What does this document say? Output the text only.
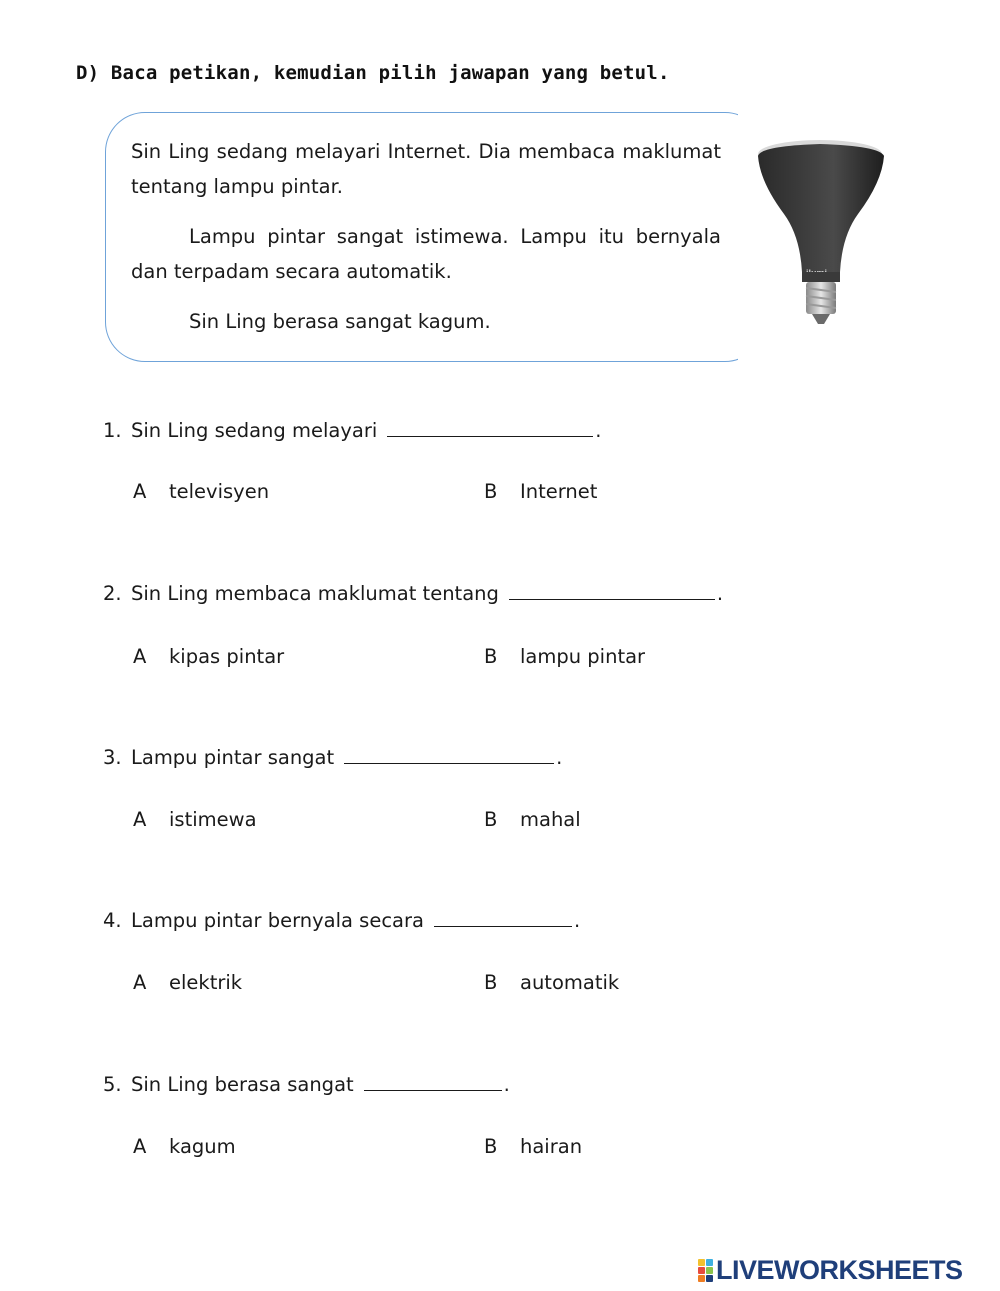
D) Baca petikan, kemudian pilih jawapan yang betul.

Sin Ling sedang melayari Internet. Dia membaca maklumat tentang lampu pintar.

Lampu pintar sangat istimewa. Lampu itu bernyala dan terpadam secara automatik.

Sin Ling berasa sangat kagum.

1. Sin Ling sedang melayari	.
A televisyen	B Internet
2. Sin Ling membaca maklumat tentang	.
A kipas pintar	B lampu pintar
3. Lampu pintar sangat	.
A istimewa	B mahal
4. Lampu pintar bernyala secara	.
A elektrik	B automatik
5. Sin Ling berasa sangat	.
A kagum	B hairan
LIVEWORKSHEETS
